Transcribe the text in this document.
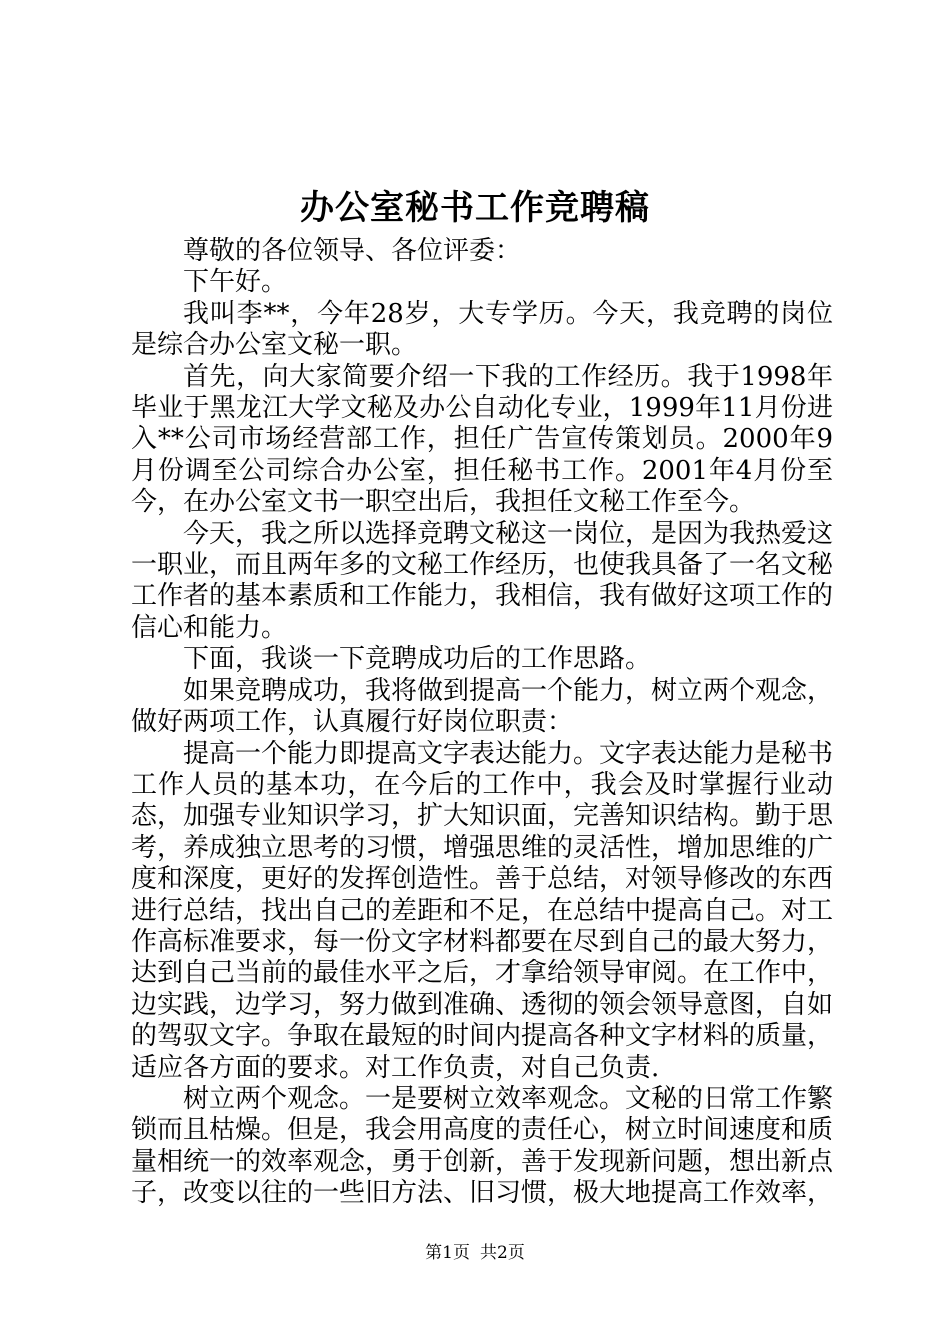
办公室秘书工作竞聘稿

尊敬的各位领导、各位评委：

下午好。

我叫李**，今年28岁，大专学历。今天，我竞聘的岗位是综合办公室文秘一职。

首先，向大家简要介绍一下我的工作经历。我于1998年毕业于黑龙江大学文秘及办公自动化专业，1999年11月份进入**公司市场经营部工作，担任广告宣传策划员。2000年9月份调至公司综合办公室，担任秘书工作。2001年4月份至今，在办公室文书一职空出后，我担任文秘工作至今。

今天，我之所以选择竞聘文秘这一岗位，是因为我热爱这一职业，而且两年多的文秘工作经历，也使我具备了一名文秘工作者的基本素质和工作能力，我相信，我有做好这项工作的信心和能力。

下面，我谈一下竞聘成功后的工作思路。

如果竞聘成功，我将做到提高一个能力，树立两个观念，做好两项工作，认真履行好岗位职责：

提高一个能力即提高文字表达能力。文字表达能力是秘书工作人员的基本功，在今后的工作中，我会及时掌握行业动态，加强专业知识学习，扩大知识面，完善知识结构。勤于思考，养成独立思考的习惯，增强思维的灵活性，增加思维的广度和深度，更好的发挥创造性。善于总结，对领导修改的东西进行总结，找出自己的差距和不足，在总结中提高自己。对工作高标准要求，每一份文字材料都要在尽到自己的最大努力，达到自己当前的最佳水平之后，才拿给领导审阅。在工作中，边实践，边学习，努力做到准确、透彻的领会领导意图，自如的驾驭文字。争取在最短的时间内提高各种文字材料的质量，适应各方面的要求。对工作负责，对自己负责.

树立两个观念。一是要树立效率观念。文秘的日常工作繁锁而且枯燥。但是，我会用高度的责任心，树立时间速度和质量相统一的效率观念，勇于创新，善于发现新问题，想出新点子，改变以往的一些旧方法、旧习惯，极大地提高工作效率，

第1页 共2页
